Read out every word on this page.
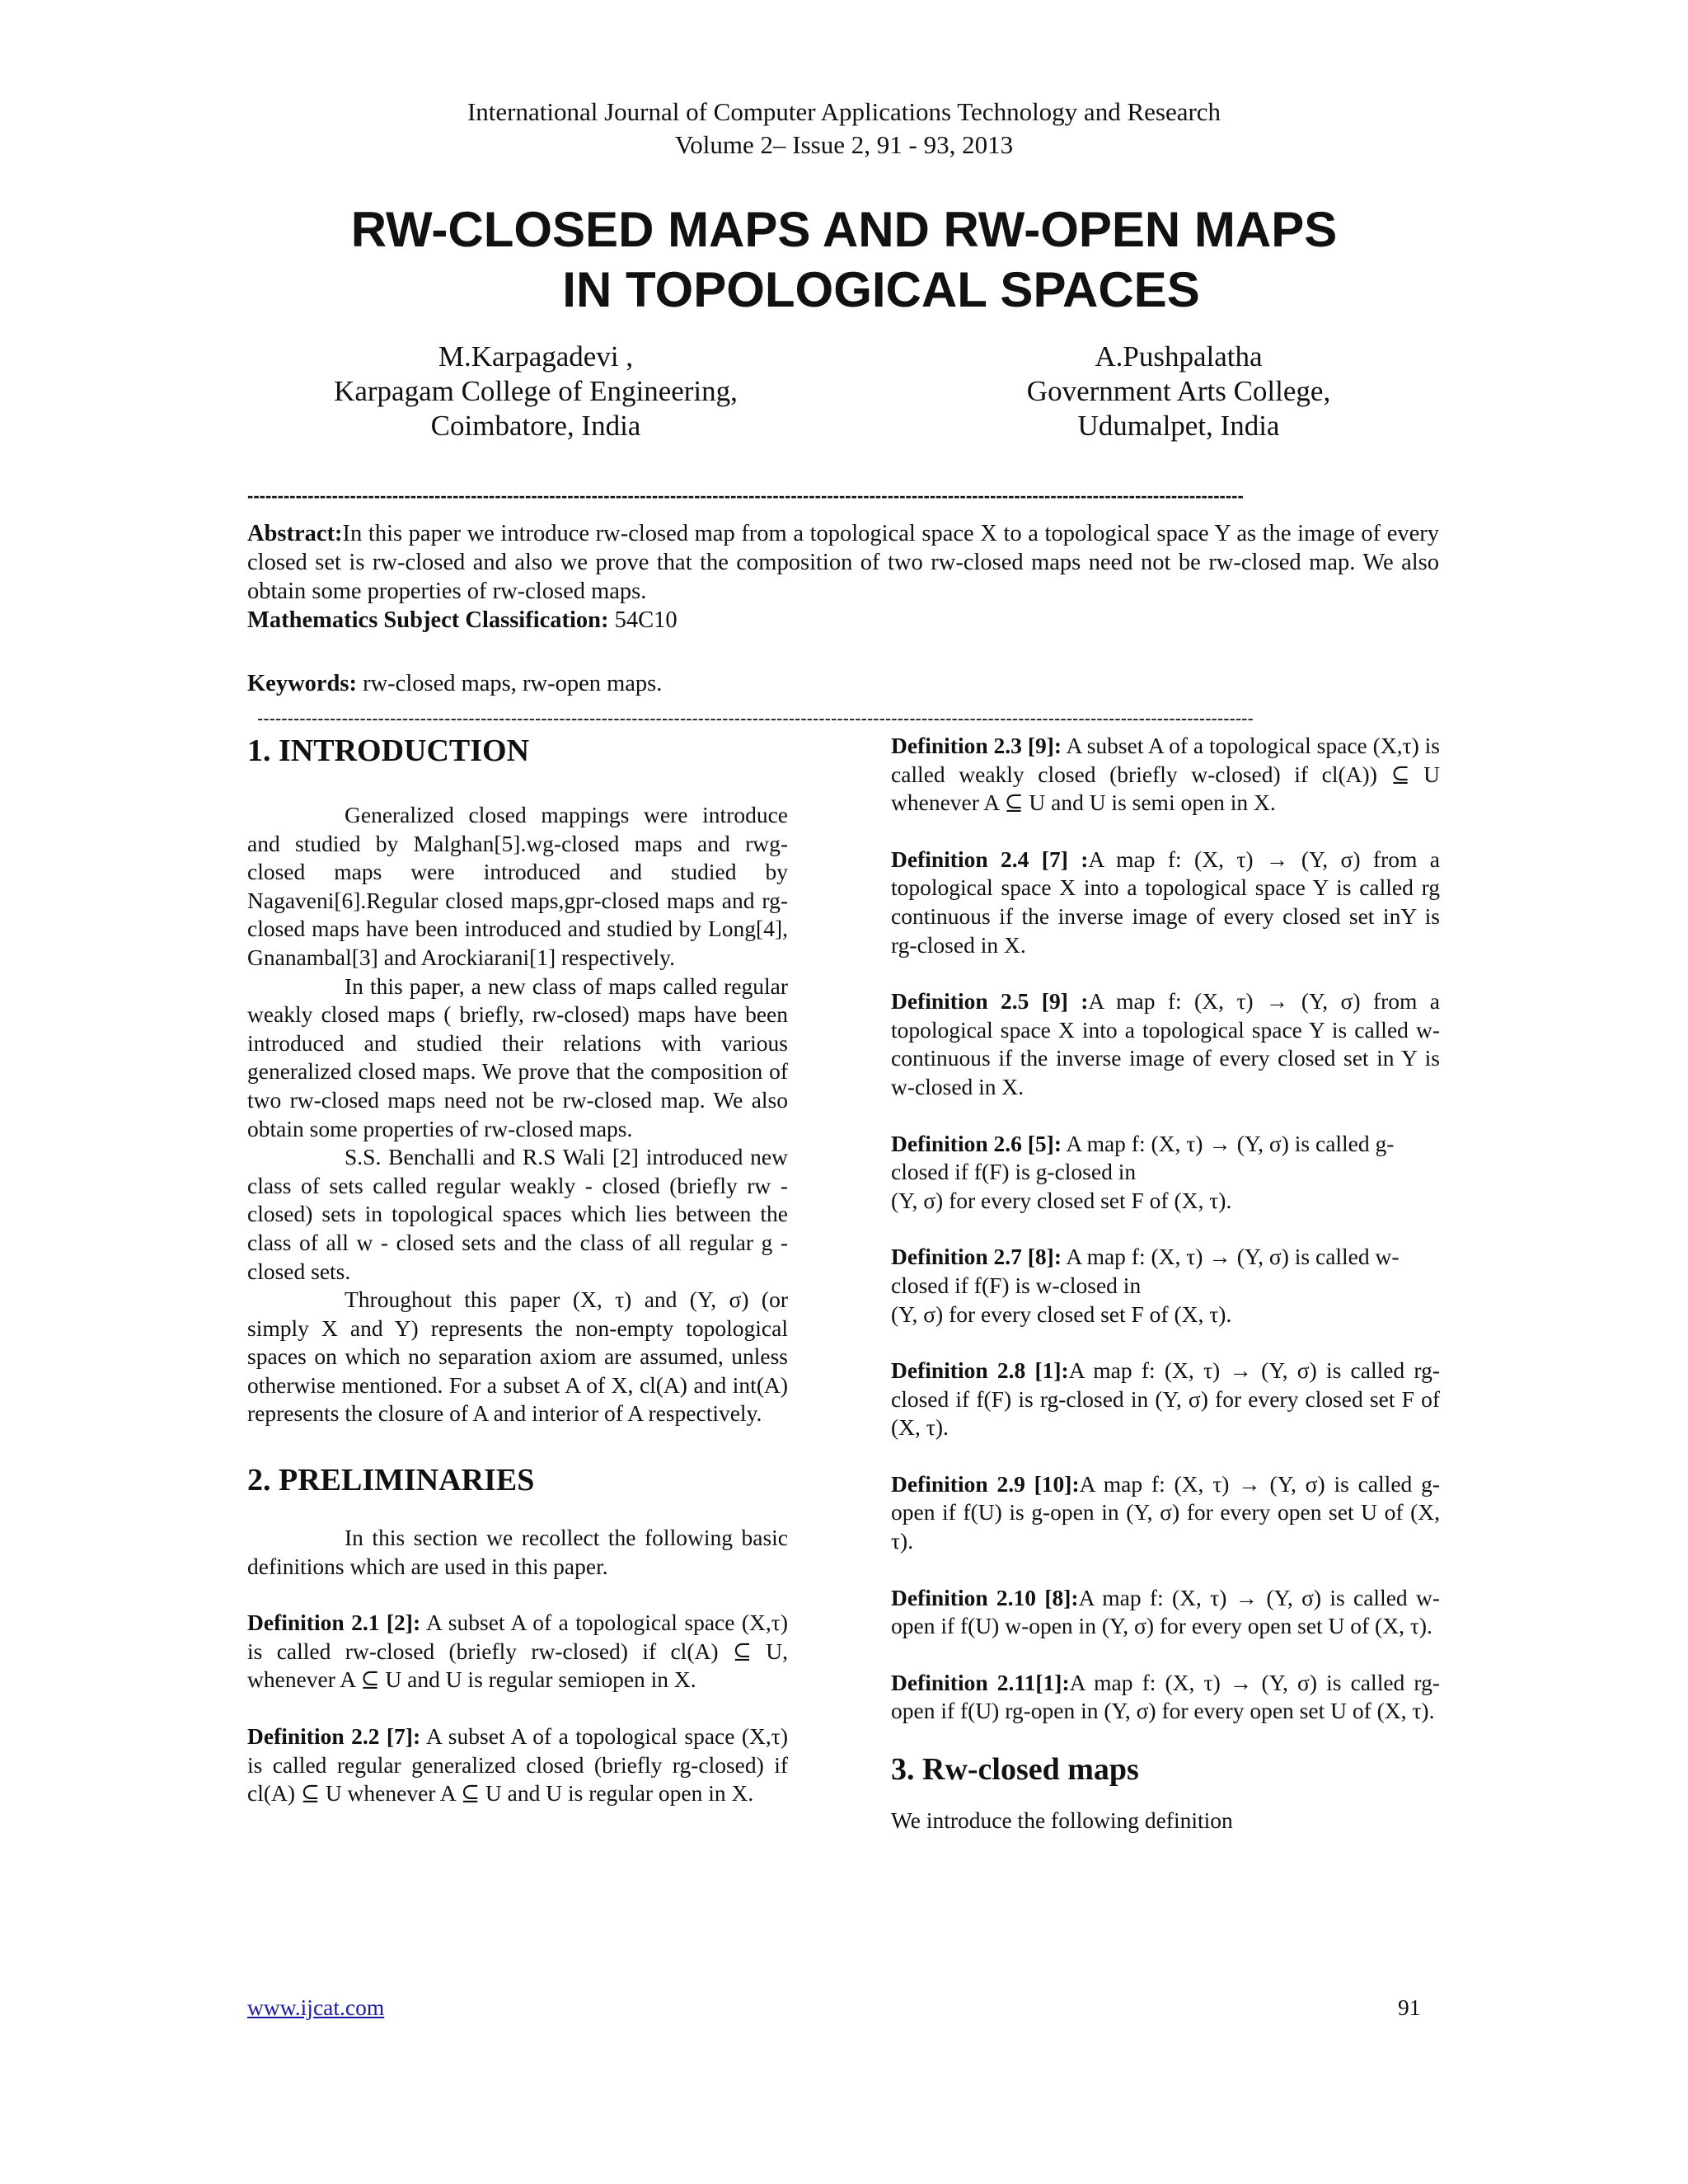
International Journal of Computer Applications Technology and Research
Volume 2– Issue 2, 91 - 93, 2013
RW-CLOSED MAPS AND RW-OPEN MAPS
IN TOPOLOGICAL SPACES
M.Karpagadevi ,
Karpagam College of Engineering,
Coimbatore, India
A.Pushpalatha
Government Arts College,
Udumalpet, India
---------------------------------------------------------------------------------------------------------------------------------------------------------------------

Abstract:In this paper we introduce rw-closed map from a topological space X to a topological space Y as the image of every closed set is rw-closed and also we prove that the composition of two rw-closed maps need not be rw-closed map. We also obtain some properties of rw-closed maps.

Mathematics Subject Classification: 54C10

Keywords: rw-closed maps, rw-open maps.
---------------------------------------------------------------------------------------------------------------------------------------------------------------------
1. INTRODUCTION

Generalized closed mappings were introduce and studied by Malghan[5].wg-closed maps and rwg-closed maps were introduced and studied by Nagaveni[6].Regular closed maps,gpr-closed maps and rg-closed maps have been introduced and studied by Long[4], Gnanambal[3] and Arockiarani[1] respectively.

In this paper, a new class of maps called regular weakly closed maps ( briefly, rw-closed) maps have been introduced and studied their relations with various generalized closed maps. We prove that the composition of two rw-closed maps need not be rw-closed map. We also obtain some properties of rw-closed maps.

S.S. Benchalli and R.S Wali [2] introduced new class of sets called regular weakly - closed (briefly rw - closed) sets in topological spaces which lies between the class of all w - closed sets and the class of all regular g - closed sets.

Throughout this paper (X, τ) and (Y, σ) (or simply X and Y) represents the non-empty topological spaces on which no separation axiom are assumed, unless otherwise mentioned. For a subset A of X, cl(A) and int(A) represents the closure of A and interior of A respectively.

2. PRELIMINARIES

In this section we recollect the following basic definitions which are used in this paper.

Definition 2.1 [2]: A subset A of a topological space (X,τ) is called rw-closed (briefly rw-closed) if cl(A) ⊆ U, whenever A ⊆ U and U is regular semiopen in X.

Definition 2.2 [7]: A subset A of a topological space (X,τ) is called regular generalized closed (briefly rg-closed) if cl(A) ⊆ U whenever A ⊆ U and U is regular open in X.

Definition 2.3 [9]: A subset A of a topological space (X,τ) is called weakly closed (briefly w-closed) if cl(A)) ⊆ U whenever A ⊆ U and U is semi open in X.

Definition 2.4 [7] :A map f: (X, τ) → (Y, σ) from a topological space X into a topological space Y is called rg continuous if the inverse image of every closed set inY is rg-closed in X.

Definition 2.5 [9] :A map f: (X, τ) → (Y, σ) from a topological space X into a topological space Y is called w-continuous if the inverse image of every closed set in Y is w-closed in X.

Definition 2.6 [5]: A map f: (X, τ) → (Y, σ) is called g-closed if f(F) is g-closed in
(Y, σ) for every closed set F of (X, τ).

Definition 2.7 [8]: A map f: (X, τ) → (Y, σ) is called w-closed if f(F) is w-closed in
(Y, σ) for every closed set F of (X, τ).

Definition 2.8 [1]:A map f: (X, τ) → (Y, σ) is called rg-closed if f(F) is rg-closed in (Y, σ) for every closed set F of (X, τ).

Definition 2.9 [10]:A map f: (X, τ) → (Y, σ) is called g-open if f(U) is g-open in (Y, σ) for every open set U of (X, τ).

Definition 2.10 [8]:A map f: (X, τ) → (Y, σ) is called w-open if f(U) w-open in (Y, σ) for every open set U of (X, τ).

Definition 2.11[1]:A map f: (X, τ) → (Y, σ) is called rg-open if f(U) rg-open in (Y, σ) for every open set U of (X, τ).

3. Rw-closed maps

We introduce the following definition

www.ijcat.com	91
